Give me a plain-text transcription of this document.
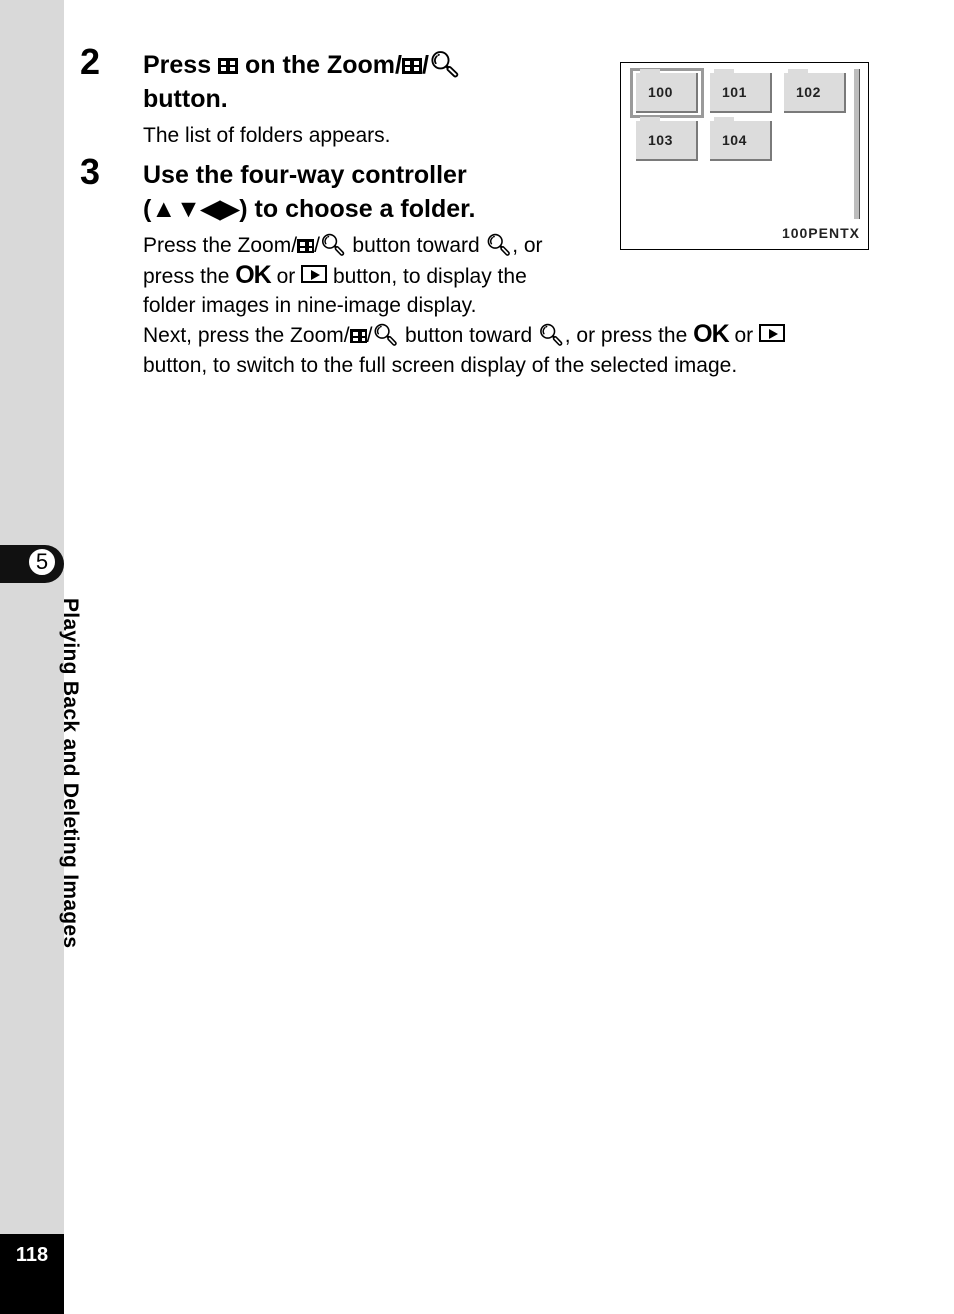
5
Playing Back and Deleting Images
118
2 Press on the Zoom/ /🔍︎
button.
The list of folders appears.
3 Use the four-way controller
(▲▼◀▶) to choose a folder.
Press the Zoom/ /🔍︎ button toward 🔍︎, or
press the OK or button, to display the
folder images in nine-image display.
Next, press the Zoom/ /🔍︎ button toward 🔍︎, or press the OK or
button, to switch to the full screen display of the selected image.
100	101	102
103	104
100PENTX
